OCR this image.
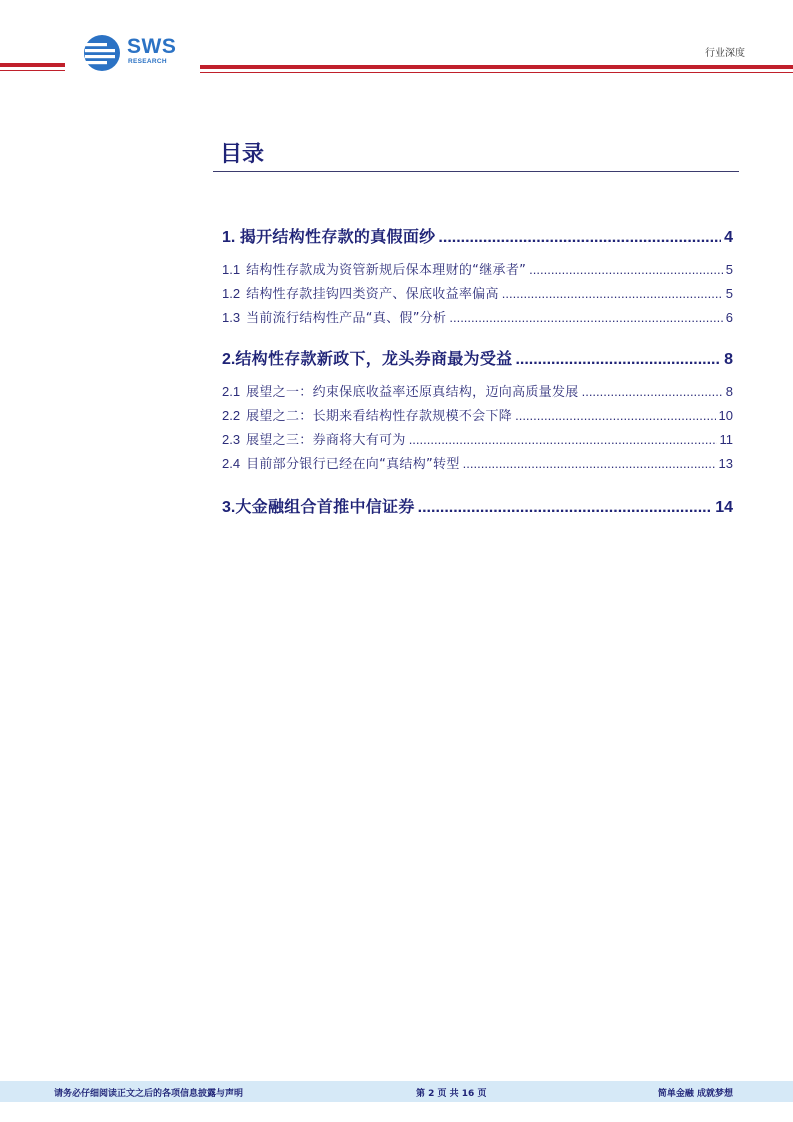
SWS
RESEARCH
行业深度
目录
1. 揭开结构性存款的真假面纱 .....	4
1.1 结构性存款成为资管新规后保本理财的“继承者” .....	5
1.2 结构性存款挂钩四类资产、保底收益率偏高 .....	5
1.3 当前流行结构性产品“真、假”分析 .....	6
2. 结构性存款新政下，龙头券商最为受益 .....	8
2.1 展望之一：约束保底收益率还原真结构，迈向高质量发展 .....	8
2.2 展望之二：长期来看结构性存款规模不会下降 .....	10
2.3 展望之三：券商将大有可为 .....	11
2.4 目前部分银行已经在向“真结构”转型 .....	13
3. 大金融组合首推中信证券 .....	14
请务必仔细阅读正文之后的各项信息披露与声明	第 2 页 共 16 页	简单金融 成就梦想
